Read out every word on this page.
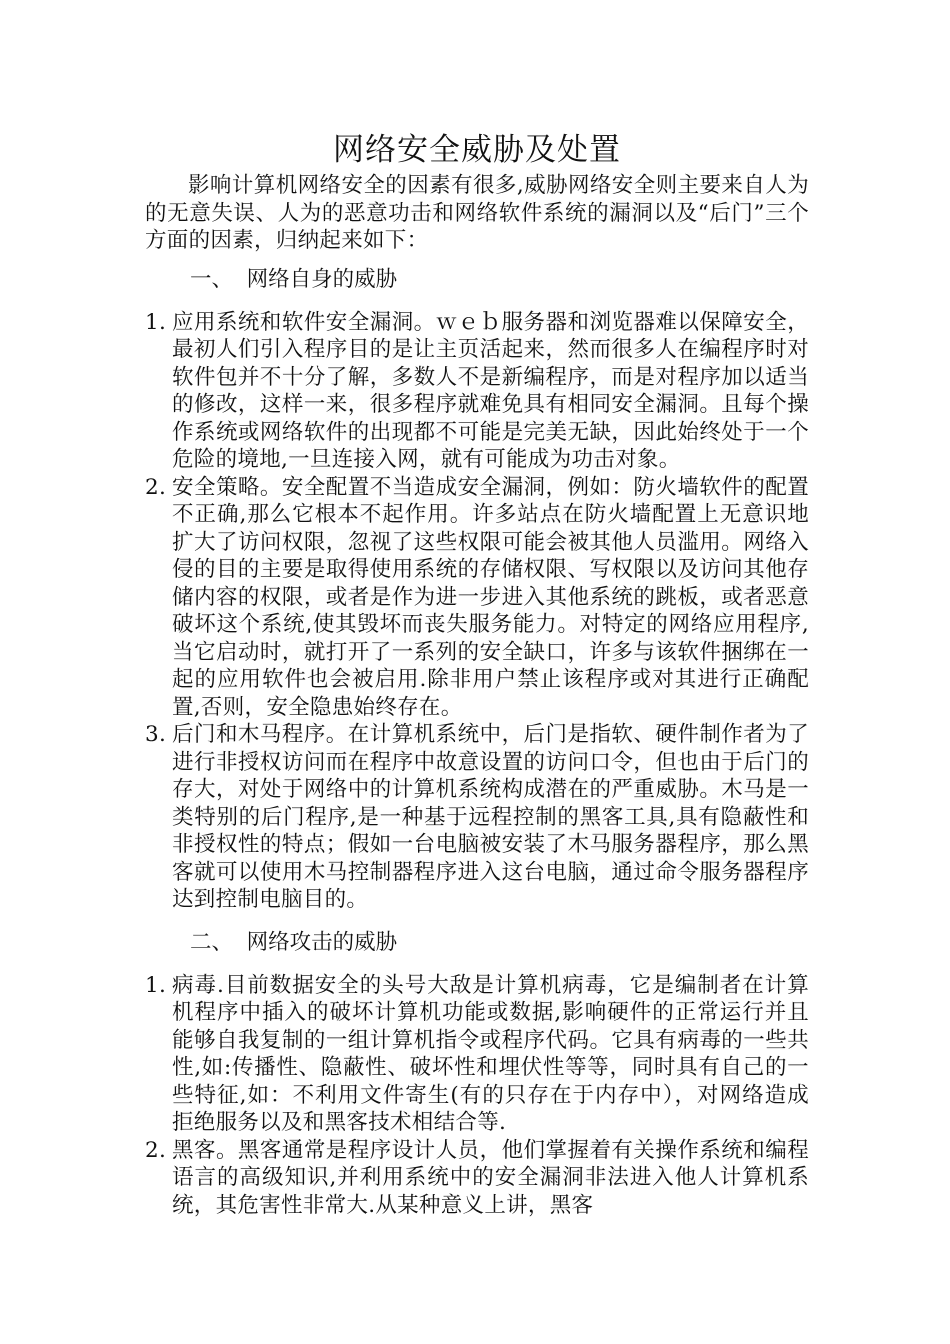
网络安全威胁及处置

影响计算机网络安全的因素有很多,威胁网络安全则主要来自人为的无意失误、人为的恶意功击和网络软件系统的漏洞以及“后门”三个方面的因素，归纳起来如下：

一、  网络自身的威胁
1. 应用系统和软件安全漏洞。ｗｅｂ服务器和浏览器难以保障安全，最初人们引入程序目的是让主页活起来，然而很多人在编程序时对软件包并不十分了解，多数人不是新编程序，而是对程序加以适当的修改，这样一来，很多程序就难免具有相同安全漏洞。且每个操作系统或网络软件的出现都不可能是完美无缺，因此始终处于一个危险的境地,一旦连接入网，就有可能成为功击对象。
2. 安全策略。安全配置不当造成安全漏洞，例如：防火墙软件的配置不正确,那么它根本不起作用。许多站点在防火墙配置上无意识地扩大了访问权限，忽视了这些权限可能会被其他人员滥用。网络入侵的目的主要是取得使用系统的存储权限、写权限以及访问其他存储内容的权限，或者是作为进一步进入其他系统的跳板，或者恶意破坏这个系统,使其毁坏而丧失服务能力。对特定的网络应用程序,当它启动时，就打开了一系列的安全缺口，许多与该软件捆绑在一起的应用软件也会被启用.除非用户禁止该程序或对其进行正确配置,否则，安全隐患始终存在。
3. 后门和木马程序。在计算机系统中，后门是指软、硬件制作者为了进行非授权访问而在程序中故意设置的访问口令，但也由于后门的存大，对处于网络中的计算机系统构成潜在的严重威胁。木马是一类特别的后门程序,是一种基于远程控制的黑客工具,具有隐蔽性和非授权性的特点；假如一台电脑被安装了木马服务器程序，那么黑客就可以使用木马控制器程序进入这台电脑，通过命令服务器程序达到控制电脑目的。
二、  网络攻击的威胁
1. 病毒.目前数据安全的头号大敌是计算机病毒，它是编制者在计算机程序中插入的破坏计算机功能或数据,影响硬件的正常运行并且能够自我复制的一组计算机指令或程序代码。它具有病毒的一些共性,如:传播性、隐蔽性、破坏性和埋伏性等等，同时具有自己的一些特征,如：不利用文件寄生(有的只存在于内存中），对网络造成拒绝服务以及和黑客技术相结合等.
2. 黑客。黑客通常是程序设计人员，他们掌握着有关操作系统和编程语言的高级知识,并利用系统中的安全漏洞非法进入他人计算机系统，其危害性非常大.从某种意义上讲，黑客
